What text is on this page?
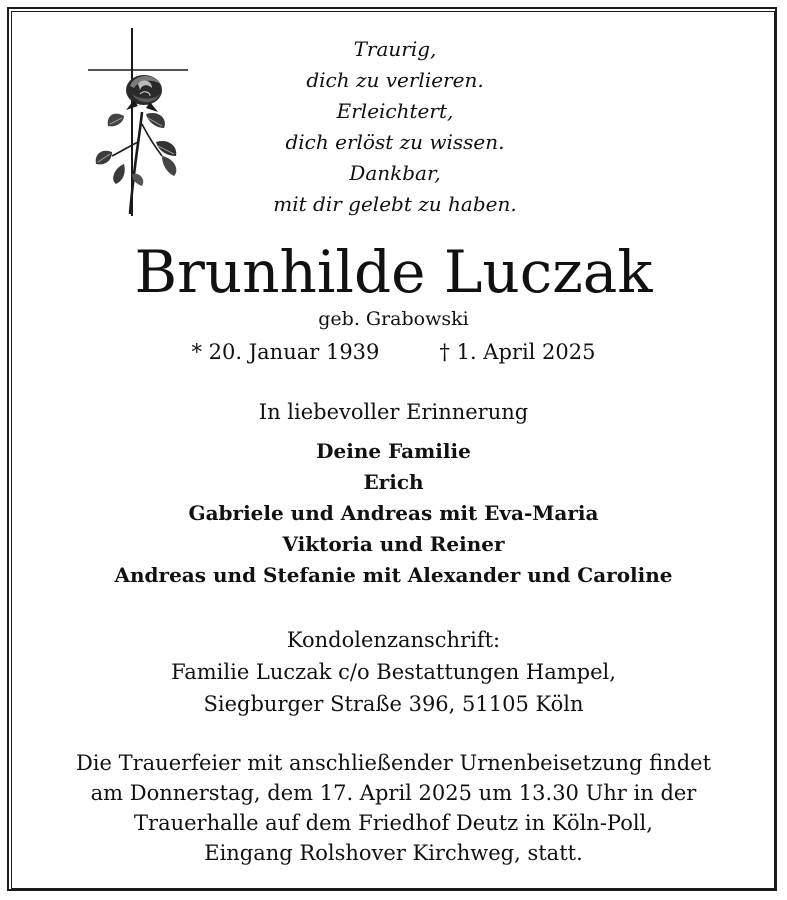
Traurig,
dich zu verlieren.
Erleichtert,
dich erlöst zu wissen.
Dankbar,
mit dir gelebt zu haben.
Brunhilde Luczak
geb. Grabowski
* 20. Januar 1939	† 1. April 2025
In liebevoller Erinnerung
Deine Familie
Erich
Gabriele und Andreas mit Eva-Maria
Viktoria und Reiner
Andreas und Stefanie mit Alexander und Caroline
Kondolenzanschrift:
Familie Luczak c/o Bestattungen Hampel,
Siegburger Straße 396, 51105 Köln
Die Trauerfeier mit anschließender Urnenbeisetzung findet
am Donnerstag, dem 17. April 2025 um 13.30 Uhr in der
Trauerhalle auf dem Friedhof Deutz in Köln-Poll,
Eingang Rolshover Kirchweg, statt.
